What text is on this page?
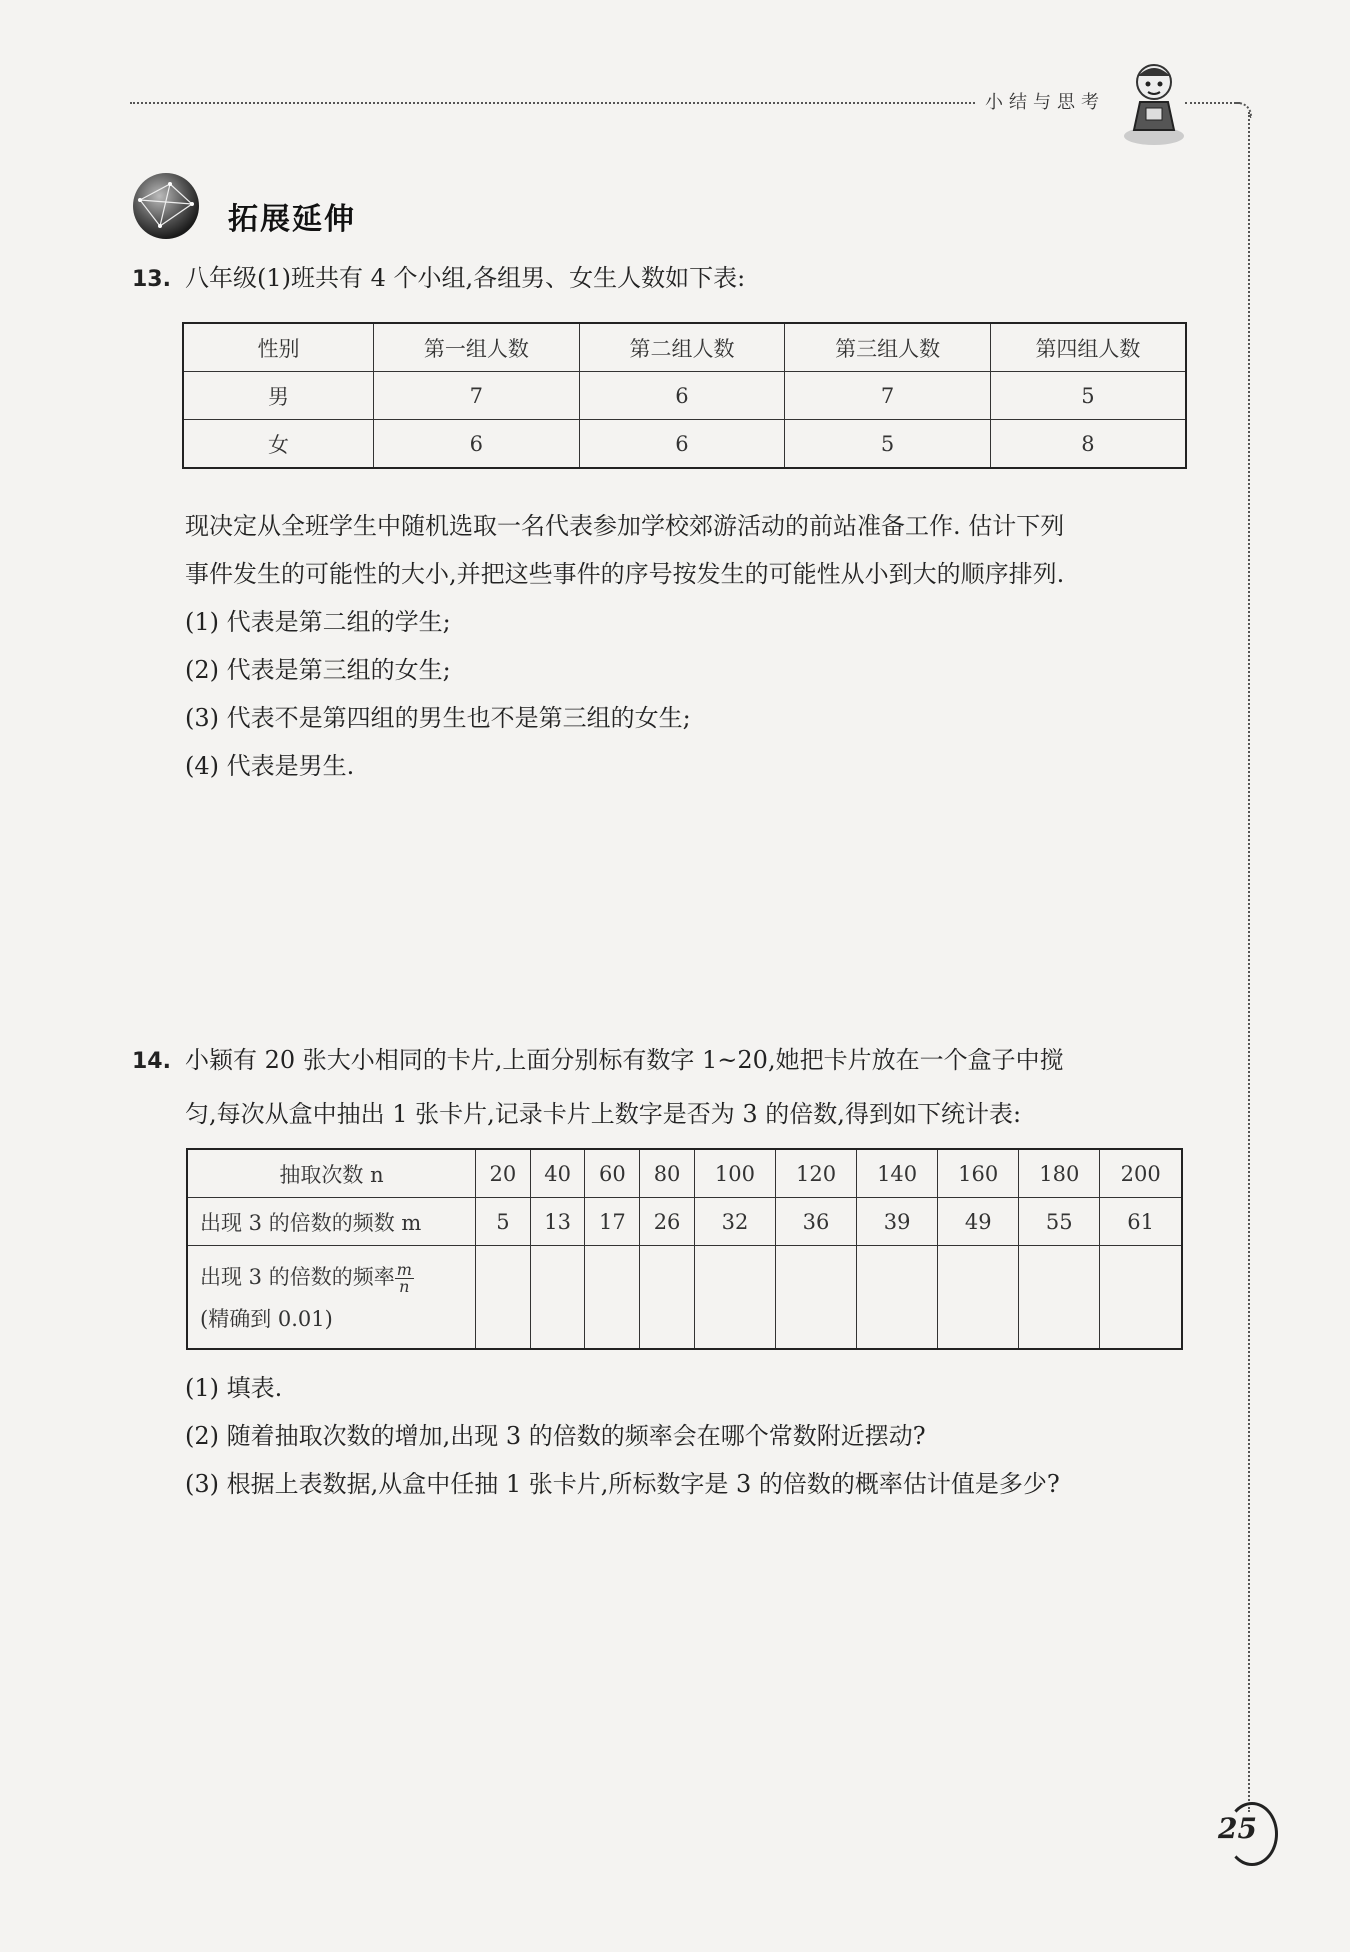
小结与思考
拓展延伸
13. 八年级(1)班共有 4 个小组,各组男、女生人数如下表:
性别	第一组人数	第二组人数	第三组人数	第四组人数
男	7	6	7	5
女	6	6	5	8
现决定从全班学生中随机选取一名代表参加学校郊游活动的前站准备工作. 估计下列
事件发生的可能性的大小,并把这些事件的序号按发生的可能性从小到大的顺序排列.
(1) 代表是第二组的学生;
(2) 代表是第三组的女生;
(3) 代表不是第四组的男生也不是第三组的女生;
(4) 代表是男生.
14. 小颖有 20 张大小相同的卡片,上面分别标有数字 1~20,她把卡片放在一个盒子中搅
匀,每次从盒中抽出 1 张卡片,记录卡片上数字是否为 3 的倍数,得到如下统计表:
抽取次数 n	20	40	60	80	100	120	140	160	180	200
出现 3 的倍数的频数 m	5	13	17	26	32	36	39	49	55	61

出现 3 的倍数的频率 $\frac{m}{n}$
(精确到 0.01)										

(1) 填表.
(2) 随着抽取次数的增加,出现 3 的倍数的频率会在哪个常数附近摆动?
(3) 根据上表数据,从盒中任抽 1 张卡片,所标数字是 3 的倍数的概率估计值是多少?
25
